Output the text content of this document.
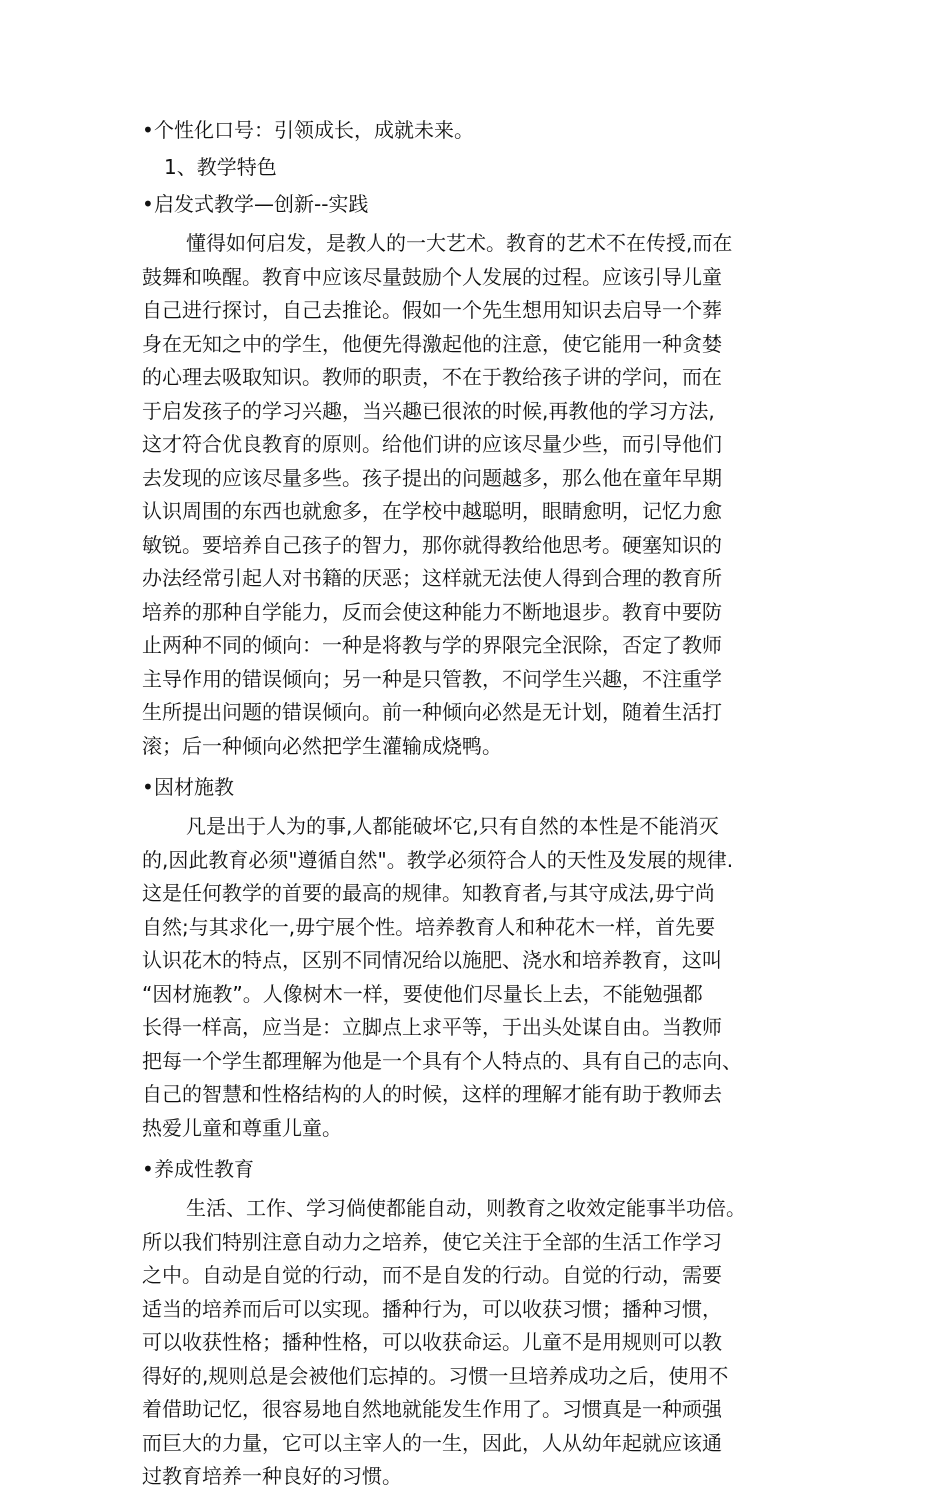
•个性化口号：引领成长，成就未来。
1、教学特色
•启发式教学—创新--实践
懂得如何启发，是教人的一大艺术。教育的艺术不在传授,而在
鼓舞和唤醒。教育中应该尽量鼓励个人发展的过程。应该引导儿童
自己进行探讨，自己去推论。假如一个先生想用知识去启导一个葬
身在无知之中的学生，他便先得激起他的注意，使它能用一种贪婪
的心理去吸取知识。教师的职责，不在于教给孩子讲的学问，而在
于启发孩子的学习兴趣，当兴趣已很浓的时候,再教他的学习方法,
这才符合优良教育的原则。给他们讲的应该尽量少些，而引导他们
去发现的应该尽量多些。孩子提出的问题越多，那么他在童年早期
认识周围的东西也就愈多，在学校中越聪明，眼睛愈明，记忆力愈
敏锐。要培养自己孩子的智力，那你就得教给他思考。硬塞知识的
办法经常引起人对书籍的厌恶；这样就无法使人得到合理的教育所
培养的那种自学能力，反而会使这种能力不断地退步。教育中要防
止两种不同的倾向：一种是将教与学的界限完全泯除，否定了教师
主导作用的错误倾向；另一种是只管教，不问学生兴趣，不注重学
生所提出问题的错误倾向。前一种倾向必然是无计划，随着生活打
滚；后一种倾向必然把学生灌输成烧鸭。
•因材施教
凡是出于人为的事,人都能破坏它,只有自然的本性是不能消灭
的,因此教育必须"遵循自然"。教学必须符合人的天性及发展的规律.
这是任何教学的首要的最高的规律。知教育者,与其守成法,毋宁尚
自然;与其求化一,毋宁展个性。培养教育人和种花木一样，首先要
认识花木的特点，区别不同情况给以施肥、浇水和培养教育，这叫
“因材施教”。人像树木一样，要使他们尽量长上去，不能勉强都
长得一样高，应当是：立脚点上求平等，于出头处谋自由。当教师
把每一个学生都理解为他是一个具有个人特点的、具有自己的志向、
自己的智慧和性格结构的人的时候，这样的理解才能有助于教师去
热爱儿童和尊重儿童。
•养成性教育
生活、工作、学习倘使都能自动，则教育之收效定能事半功倍。
所以我们特别注意自动力之培养，使它关注于全部的生活工作学习
之中。自动是自觉的行动，而不是自发的行动。自觉的行动，需要
适当的培养而后可以实现。播种行为，可以收获习惯；播种习惯，
可以收获性格；播种性格，可以收获命运。儿童不是用规则可以教
得好的,规则总是会被他们忘掉的。习惯一旦培养成功之后，使用不
着借助记忆，很容易地自然地就能发生作用了。习惯真是一种顽强
而巨大的力量，它可以主宰人的一生，因此，人从幼年起就应该通
过教育培养一种良好的习惯。
